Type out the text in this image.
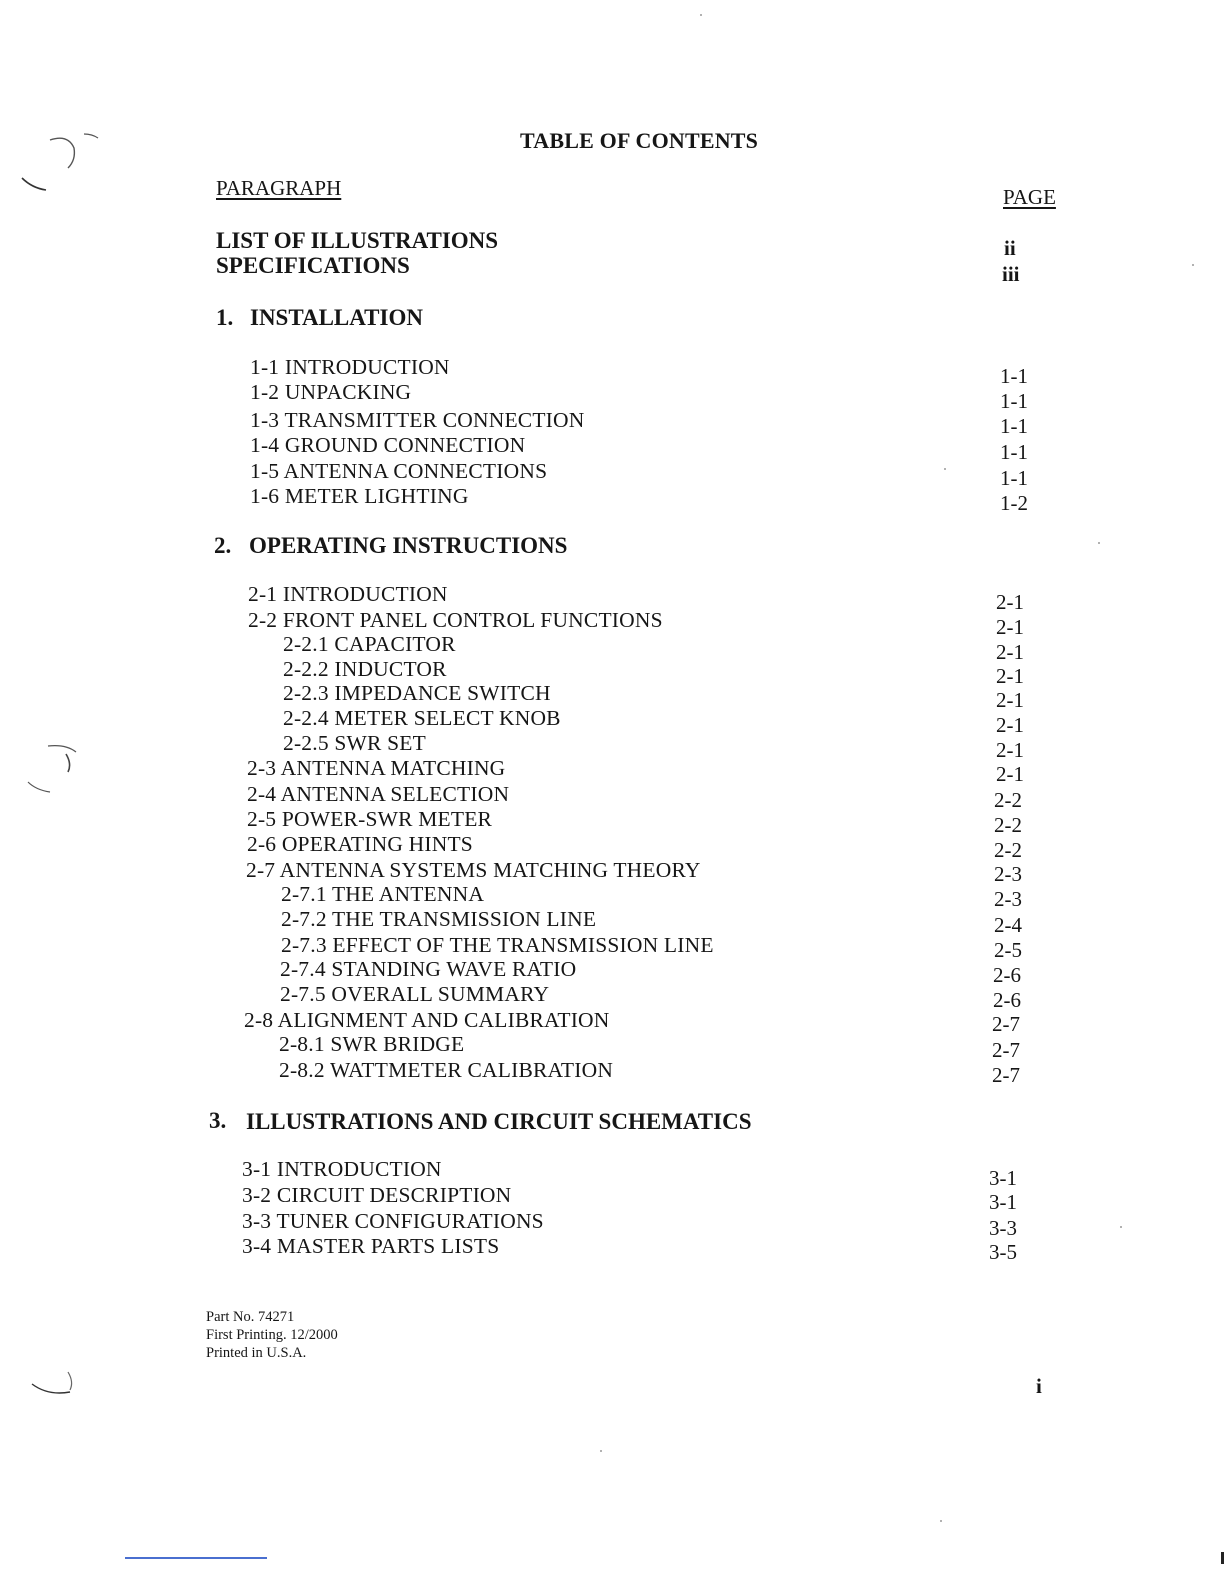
TABLE OF CONTENTS
PARAGRAPH	PAGE
LIST OF ILLUSTRATIONS	ii
SPECIFICATIONS	iii
1. INSTALLATION
1-1 INTRODUCTION	1-1
1-2 UNPACKING	1-1
1-3 TRANSMITTER CONNECTION	1-1
1-4 GROUND CONNECTION	1-1
1-5 ANTENNA CONNECTIONS	1-1
1-6 METER LIGHTING	1-2
2. OPERATING INSTRUCTIONS
2-1 INTRODUCTION	2-1
2-2 FRONT PANEL CONTROL FUNCTIONS	2-1
2-2.1 CAPACITOR	2-1
2-2.2 INDUCTOR	2-1
2-2.3 IMPEDANCE SWITCH	2-1
2-2.4 METER SELECT KNOB	2-1
2-2.5 SWR SET	2-1
2-3 ANTENNA MATCHING	2-1
2-4 ANTENNA SELECTION	2-2
2-5 POWER-SWR METER	2-2
2-6 OPERATING HINTS	2-2
2-7 ANTENNA SYSTEMS MATCHING THEORY	2-3
2-7.1 THE ANTENNA	2-3
2-7.2 THE TRANSMISSION LINE	2-4
2-7.3 EFFECT OF THE TRANSMISSION LINE	2-5
2-7.4 STANDING WAVE RATIO	2-6
2-7.5 OVERALL SUMMARY	2-6
2-8 ALIGNMENT AND CALIBRATION	2-7
2-8.1 SWR BRIDGE	2-7
2-8.2 WATTMETER CALIBRATION	2-7
3. ILLUSTRATIONS AND CIRCUIT SCHEMATICS
3-1 INTRODUCTION	3-1
3-2 CIRCUIT DESCRIPTION	3-1
3-3 TUNER CONFIGURATIONS	3-3
3-4 MASTER PARTS LISTS	3-5
Part No. 74271
First Printing. 12/2000
Printed in U.S.A.
i
